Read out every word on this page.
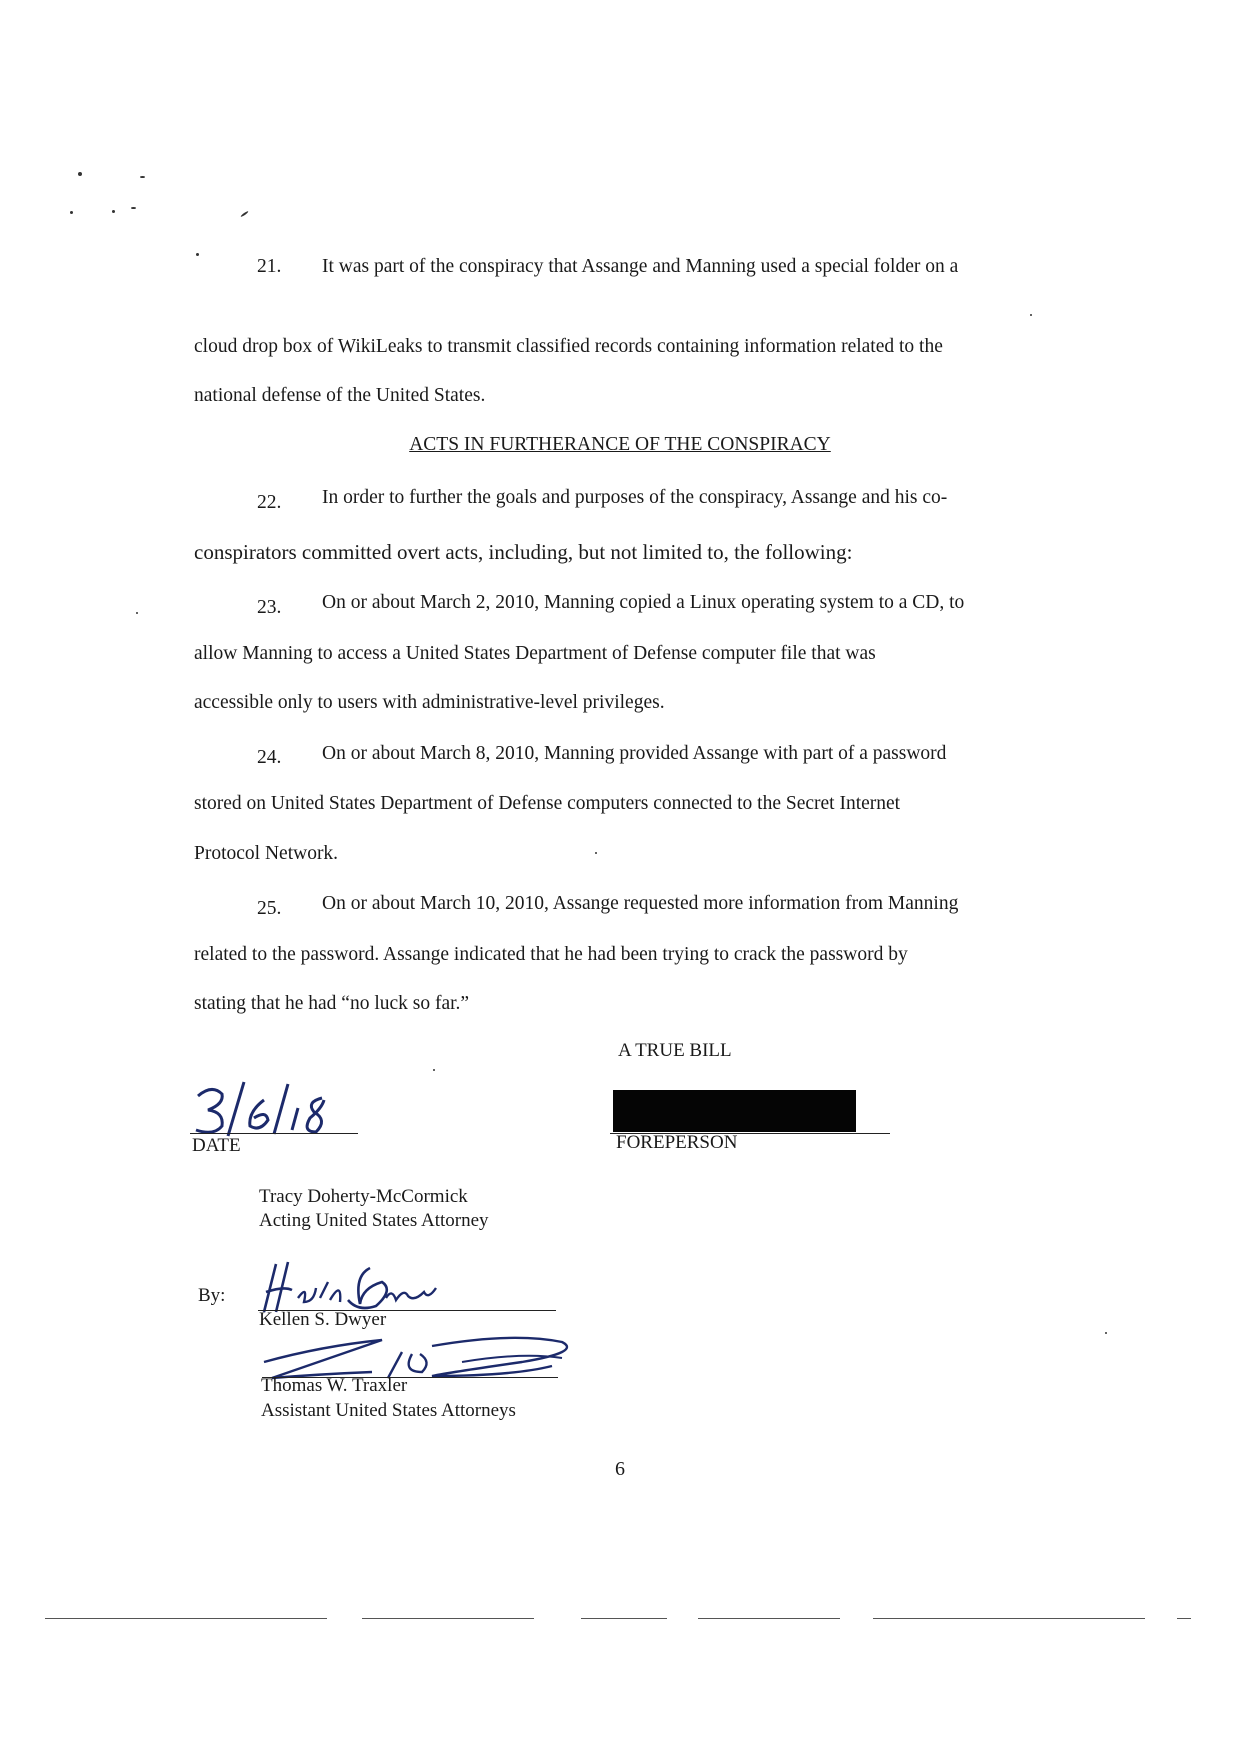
21. It was part of the conspiracy that Assange and Manning used a special folder on a
cloud drop box of WikiLeaks to transmit classified records containing information related to the
national defense of the United States.
ACTS IN FURTHERANCE OF THE CONSPIRACY
22. In order to further the goals and purposes of the conspiracy, Assange and his co-
conspirators committed overt acts, including, but not limited to, the following:
23. On or about March 2, 2010, Manning copied a Linux operating system to a CD, to
allow Manning to access a United States Department of Defense computer file that was
accessible only to users with administrative-level privileges.
24. On or about March 8, 2010, Manning provided Assange with part of a password
stored on United States Department of Defense computers connected to the Secret Internet
Protocol Network.
25. On or about March 10, 2010, Assange requested more information from Manning
related to the password. Assange indicated that he had been trying to crack the password by
stating that he had “no luck so far.”
A TRUE BILL
DATE	FOREPERSON
Tracy Doherty-McCormick
Acting United States Attorney
By:
Kellen S. Dwyer
Thomas W. Traxler
Assistant United States Attorneys
6
